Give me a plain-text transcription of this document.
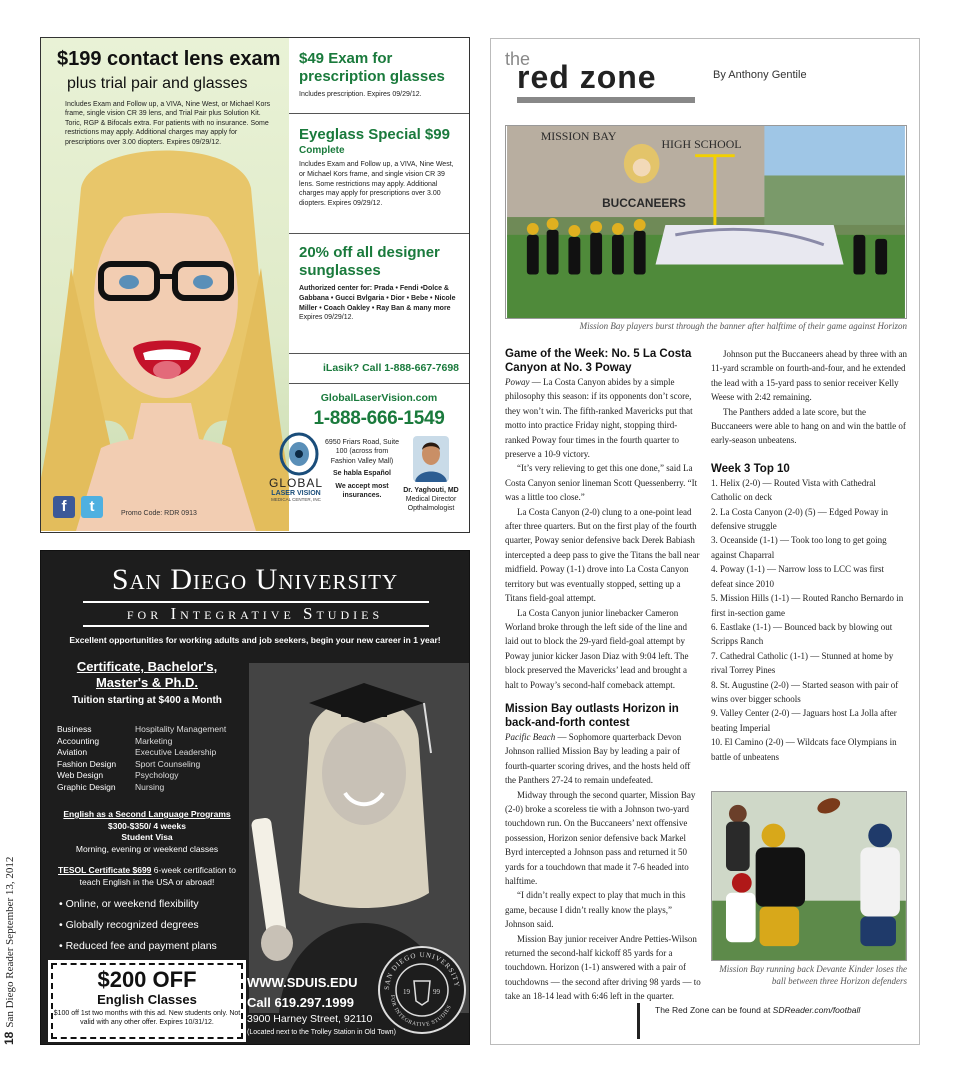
18San Diego Reader September 13, 2012
$199 contact lens exam
plus trial pair and glasses
Includes Exam and Follow up, a VIVA, Nine West, or Michael Kors frame, single vision CR 39 lens, and Trial Pair plus Solution Kit. Toric, RGP & Bifocals extra. For patients with no insurance. Some restrictions may apply. Additional charges may apply for prescriptions over 3.00 diopters. Expires 09/29/12.
f	t	Promo Code: RDR 0913
$49 Exam for prescription glasses
Includes prescription. Expires 09/29/12.
Eyeglass Special $99
Complete
Includes Exam and Follow up, a VIVA, Nine West, or Michael Kors frame, and single vision CR 39 lens. Some restrictions may apply. Additional charges may apply for prescriptions over 3.00 diopters. Expires 09/29/12.
20% off all designer sunglasses
Authorized center for: Prada • Fendi •Dolce & Gabbana • Gucci Bvlgaria • Dior • Bebe • Nicole Miller • Coach Oakley • Ray Ban & many more
Expires 09/29/12.
iLasik? Call 1-888-667-7698
GlobalLaserVision.com
1-888-666-1549
6950 Friars Road, Suite 100 (across from Fashion Valley Mall)
Se habla Español
We accept most insurances.
Dr. Yaghouti, MD
Medical Director Opthalmologist
GLOBAL
LASER VISION
MEDICAL CENTER, INC
San Diego University
for Integrative Studies
Excellent opportunities for working adults and job seekers, begin your new career in 1 year!
Certificate, Bachelor's, Master's & Ph.D.
Tuition starting at $400 a Month
Business
Accounting
Aviation
Fashion Design
Web Design
Graphic Design
Hospitality Management
Marketing
Executive Leadership
Sport Counseling
Psychology
Nursing
English as a Second Language Programs
$300-$350/ 4 weeks
Student Visa
Morning, evening or weekend classes
TESOL Certificate $699 6-week certification to teach English in the USA or abroad!
• Online, or weekend flexibility
• Globally recognized degrees
• Reduced fee and payment plans
$200 OFF
English Classes
$100 off 1st two months with this ad. New students only. Not valid with any other offer. Expires 10/31/12.
WWW.SDUIS.EDU
Call 619.297.1999
3900 Harney Street, 92110
(Located next to the Trolley Station in Old Town)
SAN DIEGO UNIVERSITY
FOR INTEGRATIVE STUDIES
19	99
the
red zone	By Anthony Gentile
MISSION BAY
HIGH SCHOOL
BUCCANEERS
Mission Bay players burst through the banner after halftime of their game against Horizon
Game of the Week: No. 5 La Costa Canyon at No. 3 Poway

Poway — La Costa Canyon abides by a simple philosophy this season: if its opponents don’t score, they won’t win. The fifth-ranked Mavericks put that motto into practice Friday night, stopping third-ranked Poway four times in the fourth quarter to preserve a 10-9 victory.

“It’s very relieving to get this one done,” said La Costa Canyon senior lineman Scott Quessenberry. “It was a little too close.”

La Costa Canyon (2-0) clung to a one-point lead after three quarters. But on the first play of the fourth quarter, Poway senior defensive back Derek Babiash intercepted a deep pass to give the Titans the ball near midfield. Poway (1-1) drove into La Costa Canyon territory but was eventually stopped, setting up a Titans field-goal attempt.

La Costa Canyon junior linebacker Cameron Worland broke through the left side of the line and laid out to block the 29-yard field-goal attempt by Poway junior kicker Jason Diaz with 9:04 left. The block preserved the Mavericks’ lead and brought a halt to Poway’s second-half comeback attempt.

Mission Bay outlasts Horizon in back-and-forth contest

Pacific Beach — Sophomore quarterback Devon Johnson rallied Mission Bay by leading a pair of fourth-quarter scoring drives, and the hosts held off the Panthers 27-24 to remain undefeated.

Midway through the second quarter, Mission Bay (2-0) broke a scoreless tie with a Johnson two-yard touchdown run. On the Buccaneers’ next offensive possession, Horizon senior defensive back Markel Byrd intercepted a Johnson pass and returned it 50 yards for a touchdown that made it 7-6 headed into halftime.

“I didn’t really expect to play that much in this game, because I didn’t really know the plays,” Johnson said.

Mission Bay junior receiver Andre Petties-Wilson returned the second-half kickoff 85 yards for a touchdown. Horizon (1-1) answered with a pair of touchdowns — the second after driving 98 yards — to take an 18-14 lead with 6:46 left in the quarter.

Johnson put the Buccaneers ahead by three with an 11-yard scramble on fourth-and-four, and he extended the lead with a 15-yard pass to senior receiver Kelly Weese with 2:42 remaining.

The Panthers added a late score, but the Buccaneers were able to hang on and win the battle of early-season unbeatens.

Week 3 Top 10
1. Helix (2-0) — Routed Vista with Cathedral Catholic on deck
2. La Costa Canyon (2-0) (5) — Edged Poway in defensive struggle
3. Oceanside (1-1) — Took too long to get going against Chaparral
4. Poway (1-1) — Narrow loss to LCC was first defeat since 2010
5. Mission Hills (1-1) — Routed Rancho Bernardo in first in-section game
6. Eastlake (1-1) — Bounced back by blowing out Scripps Ranch
7. Cathedral Catholic (1-1) — Stunned at home by rival Torrey Pines
8. St. Augustine (2-0) — Started season with pair of wins over bigger schools
9. Valley Center (2-0) — Jaguars host La Jolla after beating Imperial
10. El Camino (2-0) — Wildcats face Olympians in battle of unbeatens
Mission Bay running back Devante Kinder loses the ball between three Horizon defenders
The Red Zone can be found at SDReader.com/football
